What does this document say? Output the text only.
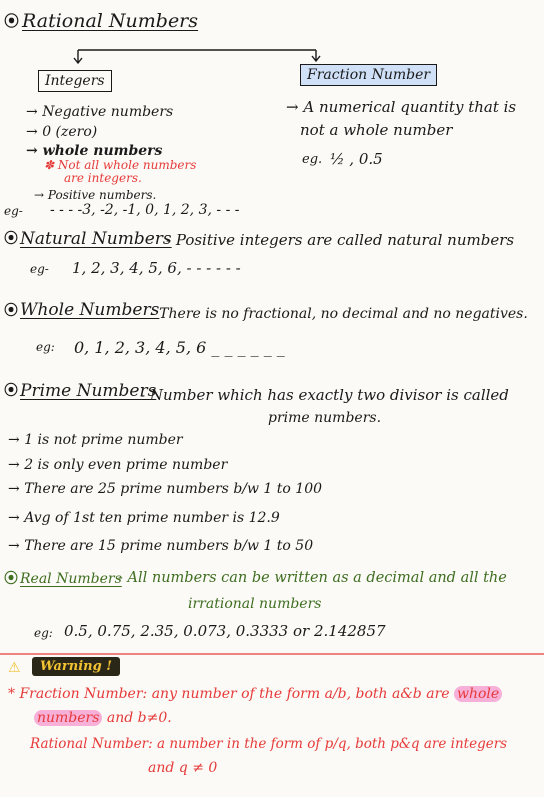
⦿ Rational Numbers
Integers	Fraction Number
→ Negative numbers
→ 0 (zero)
→ whole numbers
✽ Not all whole numbers
are integers.
→ Positive numbers.
eg- - - - -3, -2, -1, 0, 1, 2, 3, - - -
→ A numerical quantity that is
not a whole number
eg. ½ , 0.5
⦿ Natural Numbers
- Positive integers are called natural numbers
eg- 1, 2, 3, 4, 5, 6, - - - - - -
⦿ Whole Numbers
- There is no fractional, no decimal and no negatives.
eg: 0, 1, 2, 3, 4, 5, 6 _ _ _ _ _ _
⦿ Prime Numbers
- Number which has exactly two divisor is called
prime numbers.
→ 1 is not prime number
→ 2 is only even prime number
→ There are 25 prime numbers b/w 1 to 100
→ Avg of 1st ten prime number is 12.9
→ There are 15 prime numbers b/w 1 to 50
⦿ Real Numbers
- All numbers can be written as a decimal and all the
irrational numbers
eg: 0.5, 0.75, 2.35, 0.073, 0.3333 or 2.142857
⚠	Warning !
* Fraction Number: any number of the form a/b, both a&b are whole
numbers and b≠0.
Rational Number: a number in the form of p/q, both p&q are integers
and q ≠ 0
